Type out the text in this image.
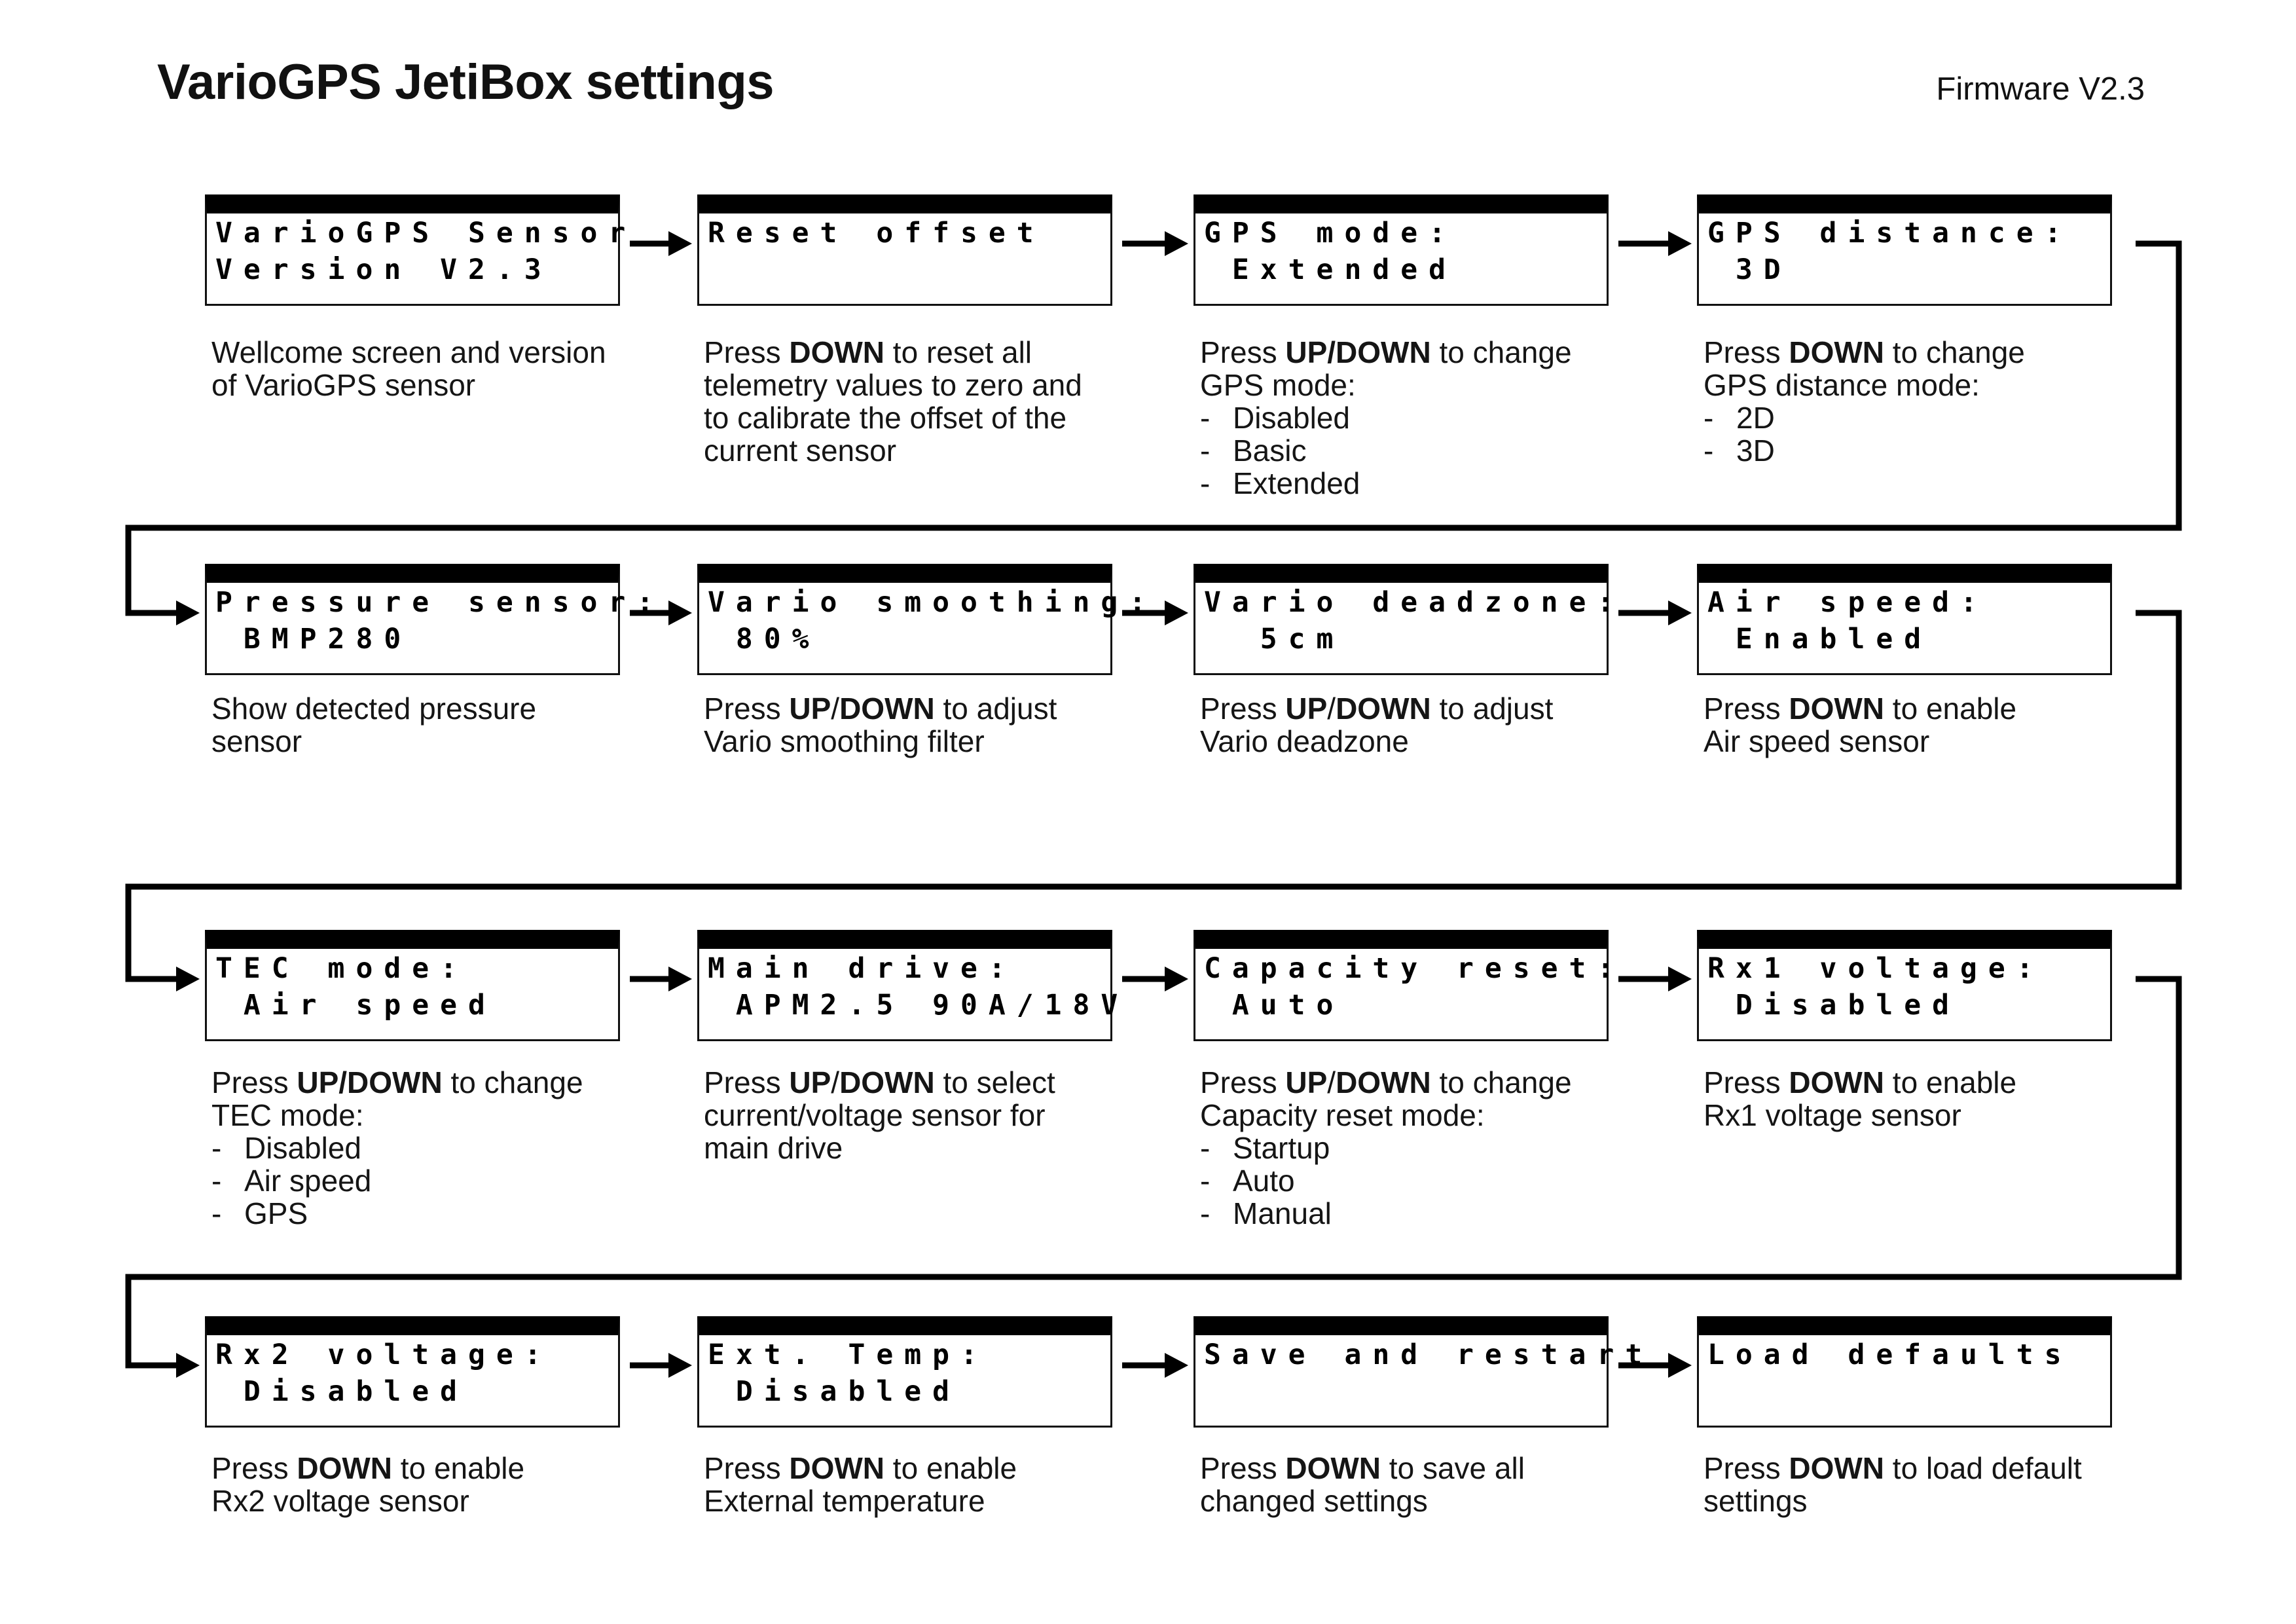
VarioGPS JetiBox settings	Firmware V2.3
VarioGPS Sensor
Version V2.3
Wellcome screen and version
of VarioGPS sensor
Reset offset
Press DOWN to reset all
telemetry values to zero and
to calibrate the offset of the
current sensor
GPS mode:
Extended
Press UP/DOWN to change
GPS mode:
- Disabled
- Basic
- Extended
GPS distance:
3D
Press DOWN to change
GPS distance mode:
- 2D
- 3D
Pressure sensor:
BMP280
Show detected pressure
sensor
Vario smoothing:
80%
Press UP/DOWN to adjust
Vario smoothing filter
Vario deadzone:
5cm
Press UP/DOWN to adjust
Vario deadzone
Air speed:
Enabled
Press DOWN to enable
Air speed sensor
TEC mode:
Air speed
Press UP/DOWN to change
TEC mode:
- Disabled
- Air speed
- GPS
Main drive:
APM2.5 90A/18V
Press UP/DOWN to select
current/voltage sensor for
main drive
Capacity reset:
Auto
Press UP/DOWN to change
Capacity reset mode:
- Startup
- Auto
- Manual
Rx1 voltage:
Disabled
Press DOWN to enable
Rx1 voltage sensor
Rx2 voltage:
Disabled
Press DOWN to enable
Rx2 voltage sensor
Ext. Temp:
Disabled
Press DOWN to enable
External temperature
Save and restart
Press DOWN to save all
changed settings
Load defaults
Press DOWN to load default
settings
